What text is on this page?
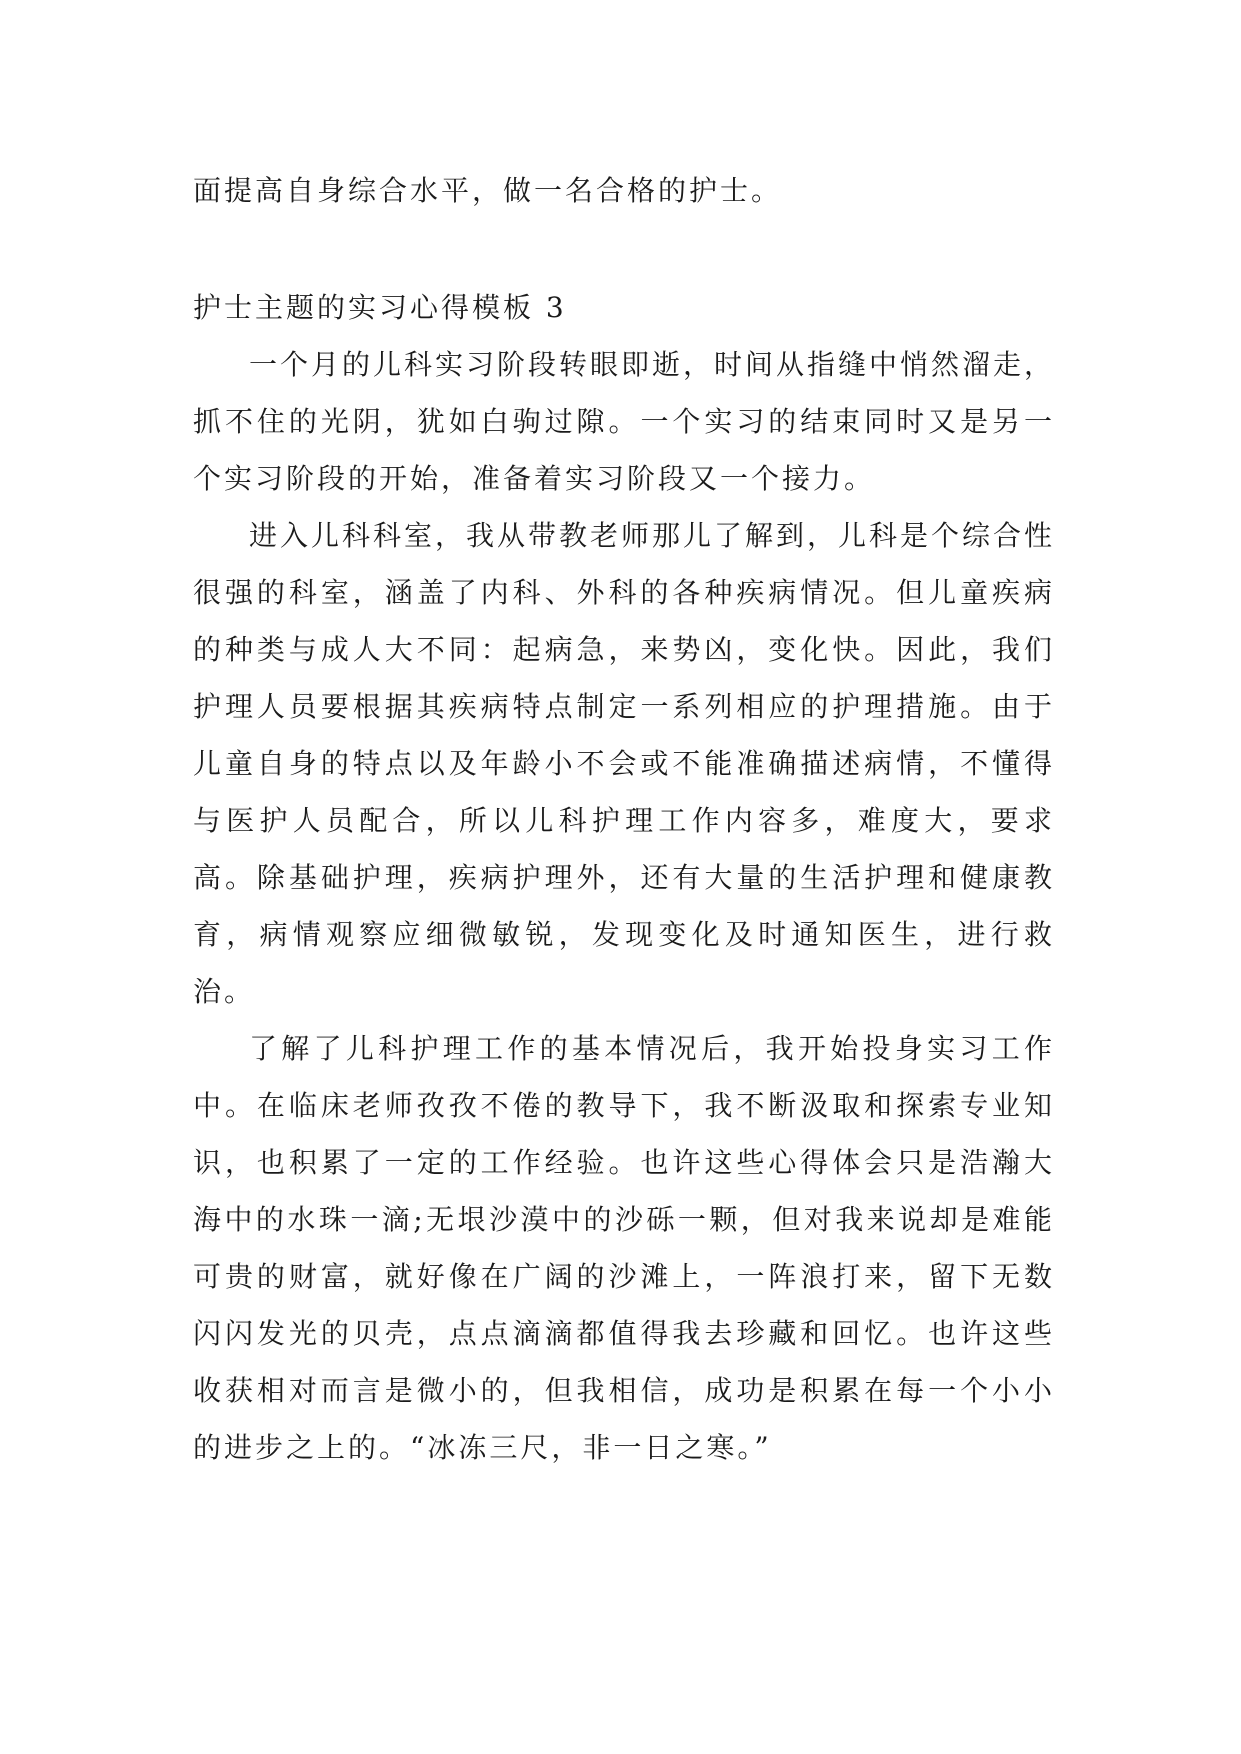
面提高自身综合水平，做一名合格的护士。
护士主题的实习心得模板 3

一个月的儿科实习阶段转眼即逝，时间从指缝中悄然溜走，抓不住的光阴，犹如白驹过隙。一个实习的结束同时又是另一个实习阶段的开始，准备着实习阶段又一个接力。

进入儿科科室，我从带教老师那儿了解到，儿科是个综合性很强的科室，涵盖了内科、外科的各种疾病情况。但儿童疾病的种类与成人大不同：起病急，来势凶，变化快。因此，我们护理人员要根据其疾病特点制定一系列相应的护理措施。由于儿童自身的特点以及年龄小不会或不能准确描述病情，不懂得与医护人员配合，所以儿科护理工作内容多，难度大，要求高。除基础护理，疾病护理外，还有大量的生活护理和健康教育，病情观察应细微敏锐，发现变化及时通知医生，进行救治。

了解了儿科护理工作的基本情况后，我开始投身实习工作中。在临床老师孜孜不倦的教导下，我不断汲取和探索专业知识，也积累了一定的工作经验。也许这些心得体会只是浩瀚大海中的水珠一滴;无垠沙漠中的沙砾一颗，但对我来说却是难能可贵的财富，就好像在广阔的沙滩上，一阵浪打来，留下无数闪闪发光的贝壳，点点滴滴都值得我去珍藏和回忆。也许这些收获相对而言是微小的，但我相信，成功是积累在每一个小小的进步之上的。“冰冻三尺，非一日之寒。”
